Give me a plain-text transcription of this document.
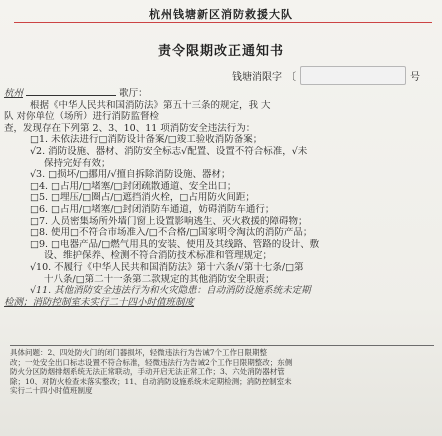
杭州钱塘新区消防救援大队
责令限期改正通知书
钱塘消限字 〔	号
杭州	歌厅：
根据《中华人民共和国消防法》第五十三条的规定，我 大
队 对你单位（场所）进行消防监督检
查，发现存在下列第 2、3、10、11 项消防安全违法行为：
□1. 未依法进行□消防设计备案/□竣工验收消防备案；
√2. 消防设施、器材、消防安全标志√配置、设置不符合标准，√未
保持完好有效；
√3. □损坏/□挪用/√擅自拆除消防设施、器材；
□4. □占用/□堵塞/□封闭疏散通道、安全出口；
□5. □埋压/□圈占/□遮挡消火栓，□占用防火间距；
□6. □占用/□堵塞/□封闭消防车通道，妨碍消防车通行；
□7. 人员密集场所外墙门窗上设置影响逃生、灭火救援的障碍物；
□8. 使用□不符合市场准入/□不合格/□国家明令淘汰的消防产品；
□9. □电器产品/□燃气用具的安装、使用及其线路、管路的设计、敷
设、维护保养、检测不符合消防技术标准和管理规定；
√10. 不履行《中华人民共和国消防法》第十六条/√第十七条/□第
十八条/□第二十一条第二款规定的其他消防安全职责；
√11. 其他消防安全违法行为和火灾隐患：自动消防设施系统未定期
检测；消防控制室未实行二十四小时值班制度
具体问题：2、四处防火门的闭门器损坏，轻微违法行为告诫7个工作日限期整
改；一处安全出口标志设置不符合标准，轻微违法行为告诫2个工作日限期整改；东侧
防火分区防烟排烟系统无法正常联动，手动开启无法正常工作；3、六处消防器材管
除；10、对防火检查未落实整改；11、自动消防设施系统未定期检测；消防控制室未
实行二十四小时值班制度
